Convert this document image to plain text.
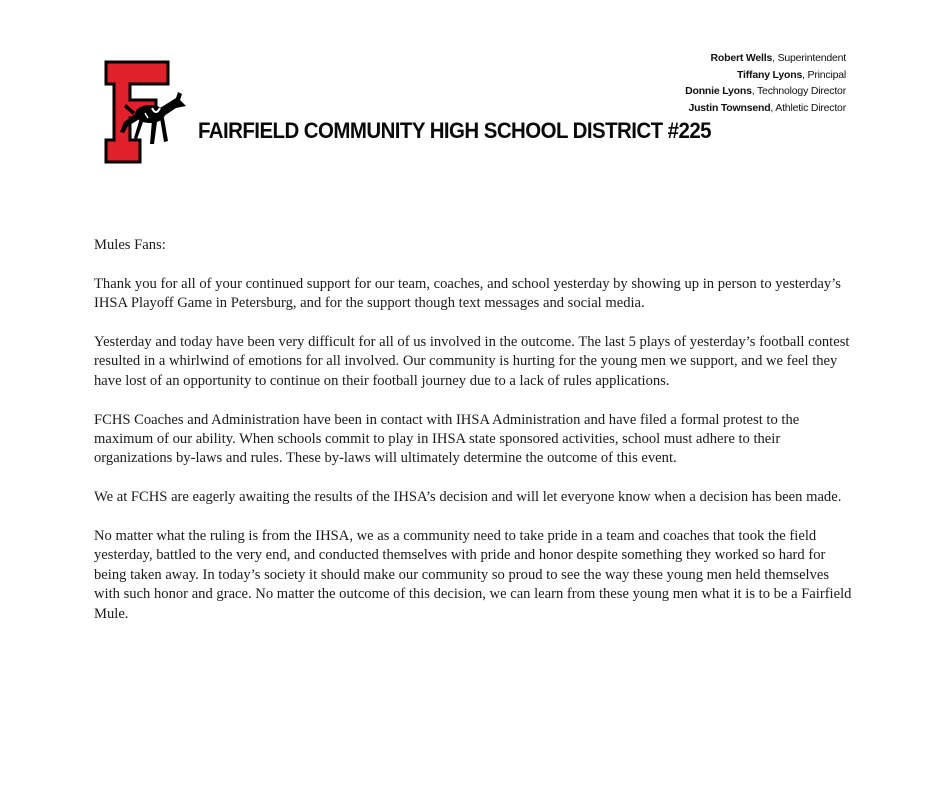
FAIRFIELD COMMUNITY HIGH SCHOOL DISTRICT #225
Robert Wells, Superintendent
Tiffany Lyons, Principal
Donnie Lyons, Technology Director
Justin Townsend, Athletic Director

Mules Fans:

Thank you for all of your continued support for our team, coaches, and school yesterday by showing up in person to yesterday’s IHSA Playoff Game in Petersburg, and for the support though text messages and social media.

Yesterday and today have been very difficult for all of us involved in the outcome. The last 5 plays of yesterday’s football contest resulted in a whirlwind of emotions for all involved. Our community is hurting for the young men we support, and we feel they have lost of an opportunity to continue on their football journey due to a lack of rules applications.

FCHS Coaches and Administration have been in contact with IHSA Administration and have filed a formal protest to the maximum of our ability. When schools commit to play in IHSA state sponsored activities, school must adhere to their organizations by-laws and rules. These by-laws will ultimately determine the outcome of this event.

We at FCHS are eagerly awaiting the results of the IHSA’s decision and will let everyone know when a decision has been made.

No matter what the ruling is from the IHSA, we as a community need to take pride in a team and coaches that took the field yesterday, battled to the very end, and conducted themselves with pride and honor despite something they worked so hard for being taken away. In today’s society it should make our community so proud to see the way these young men held themselves with such honor and grace. No matter the outcome of this decision, we can learn from these young men what it is to be a Fairfield Mule.
